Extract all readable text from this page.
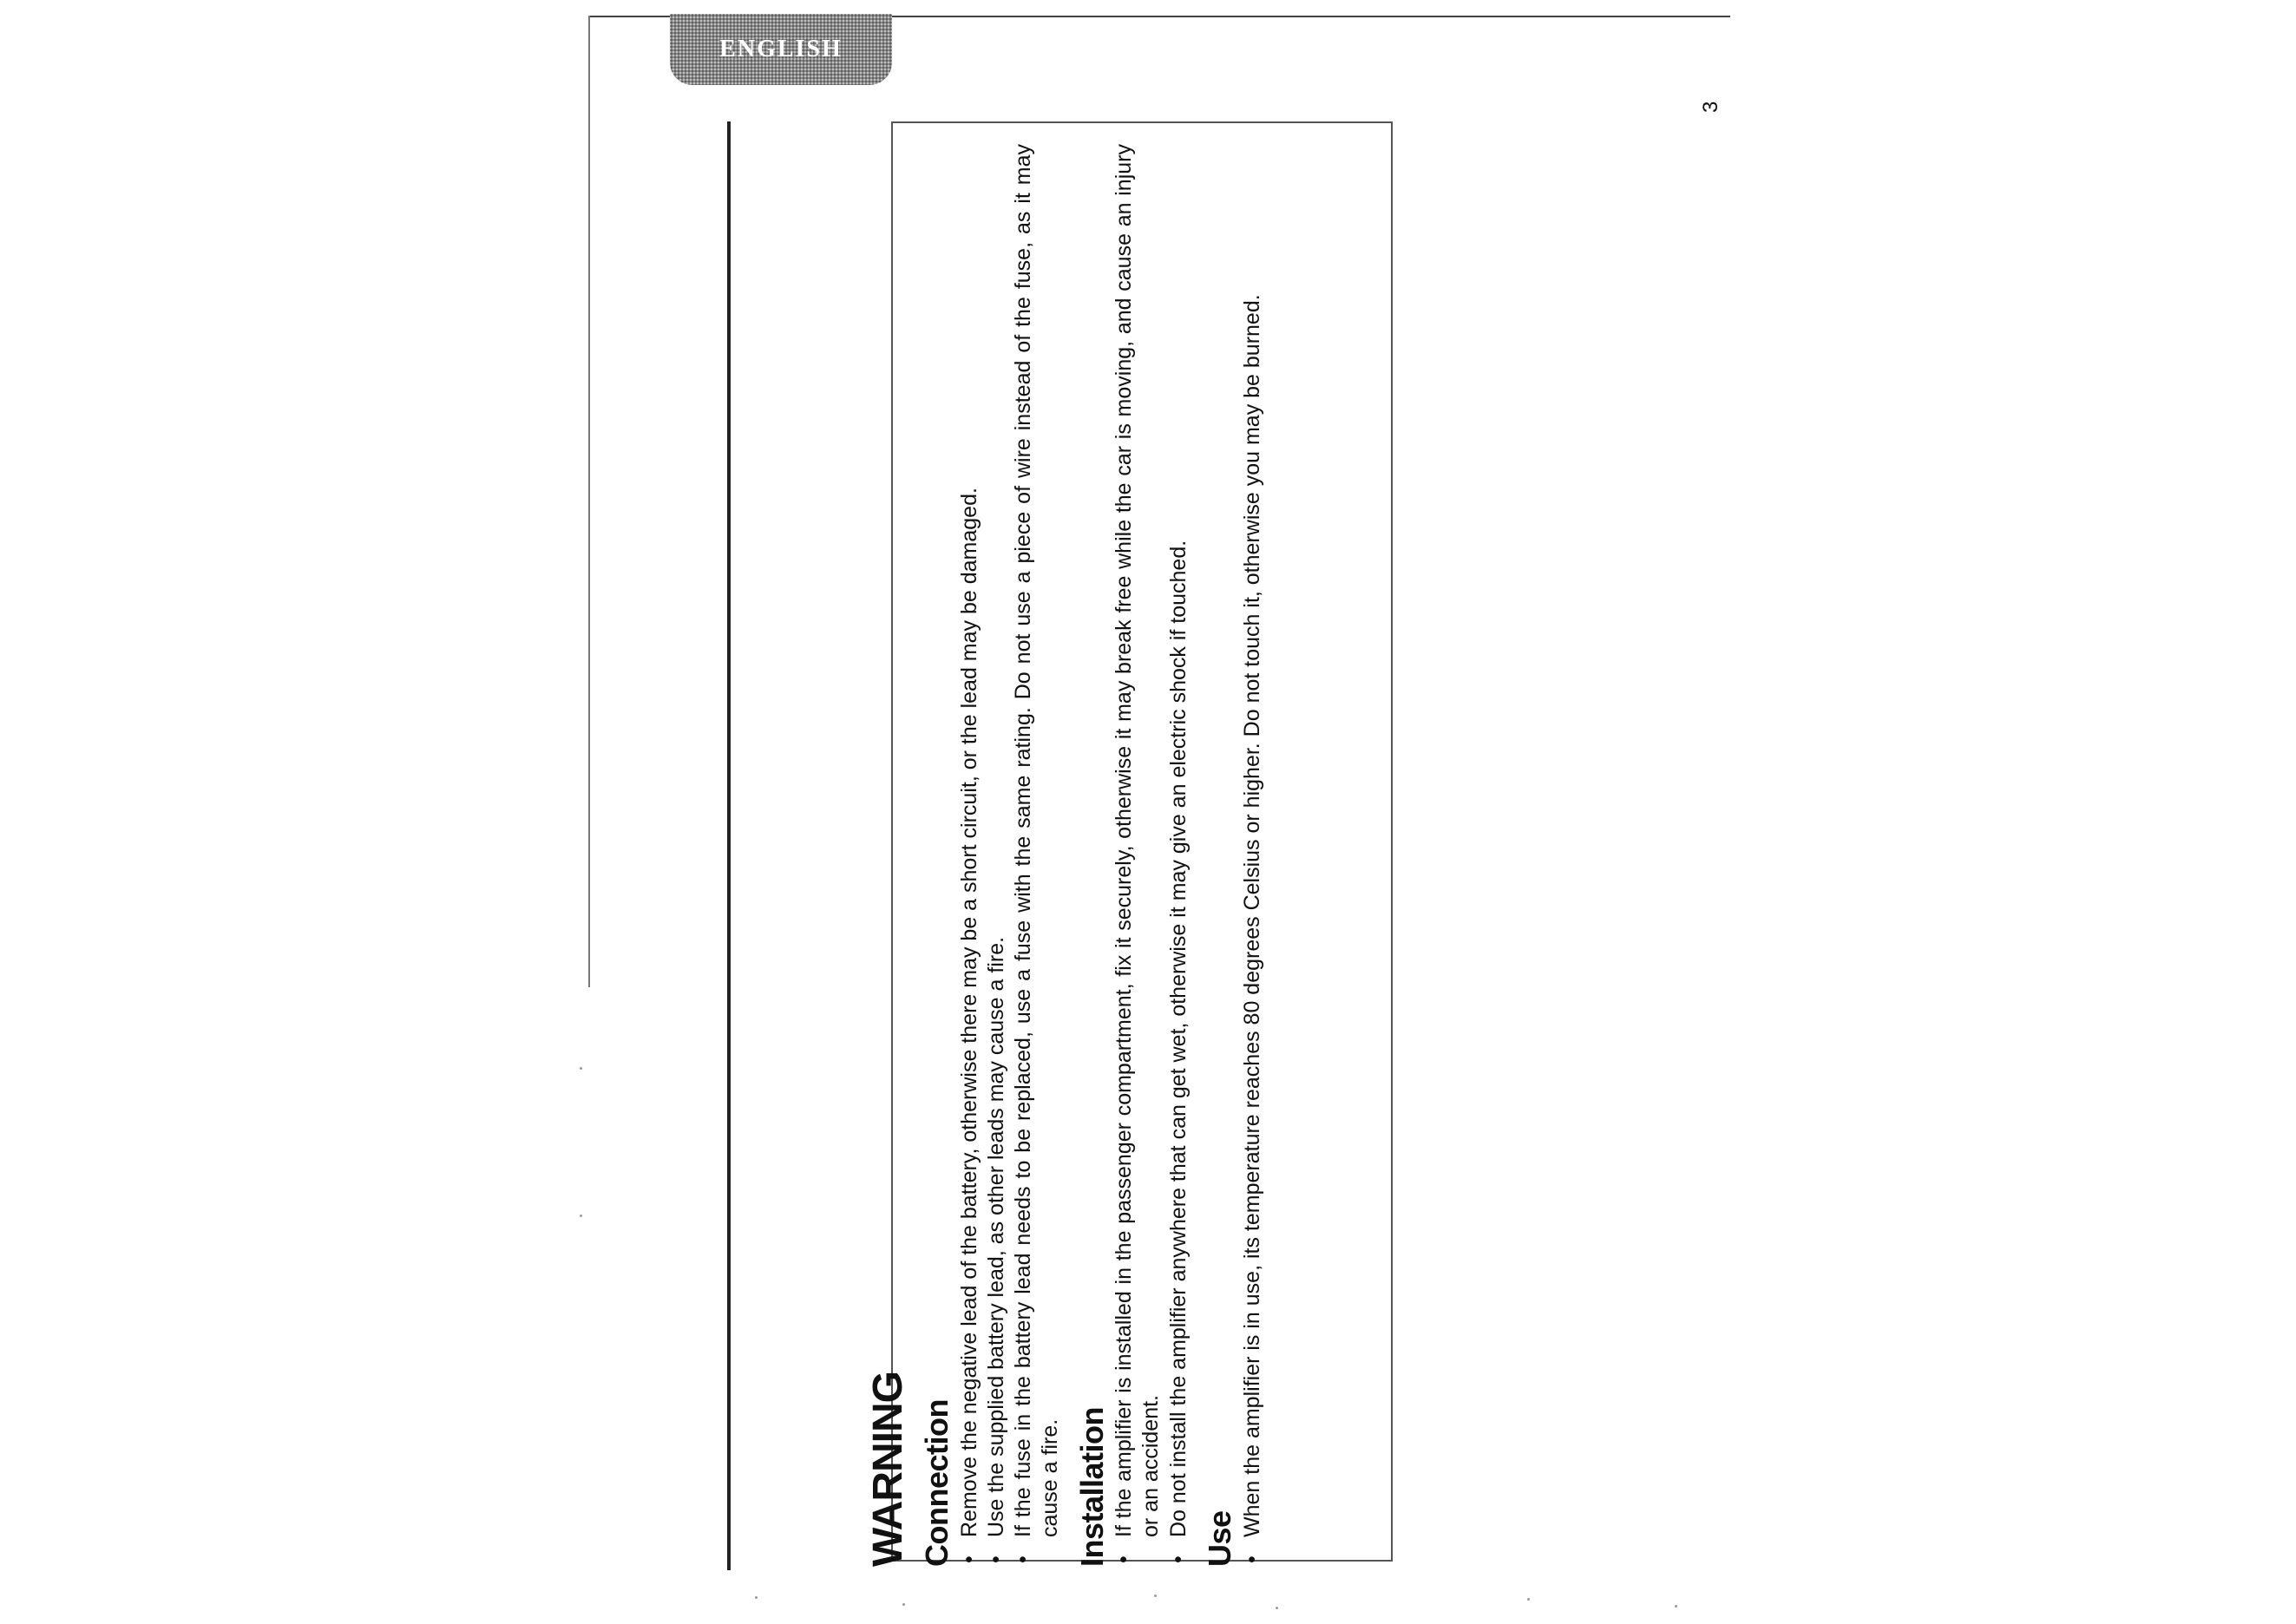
ENGLISH
3
WARNING Connection • Remove the negative lead of the battery, otherwise there may be a short circuit, or the lead may be damaged. • Use the supplied battery lead, as other leads may cause a fire. • If the fuse in the battery lead needs to be replaced, use a fuse with the same rating. Do not use a piece of wire instead of the fuse, as it may cause a fire. Installation • If the amplifier is installed in the passenger compartment, fix it securely, otherwise it may break free while the car is moving, and cause an injury or an accident. • Do not install the amplifier anywhere that can get wet, otherwise it may give an electric shock if touched.
Use
• When the amplifier is in use, its temperature reaches 80 degrees Celsius or higher. Do not touch it, otherwise you may be burned.
